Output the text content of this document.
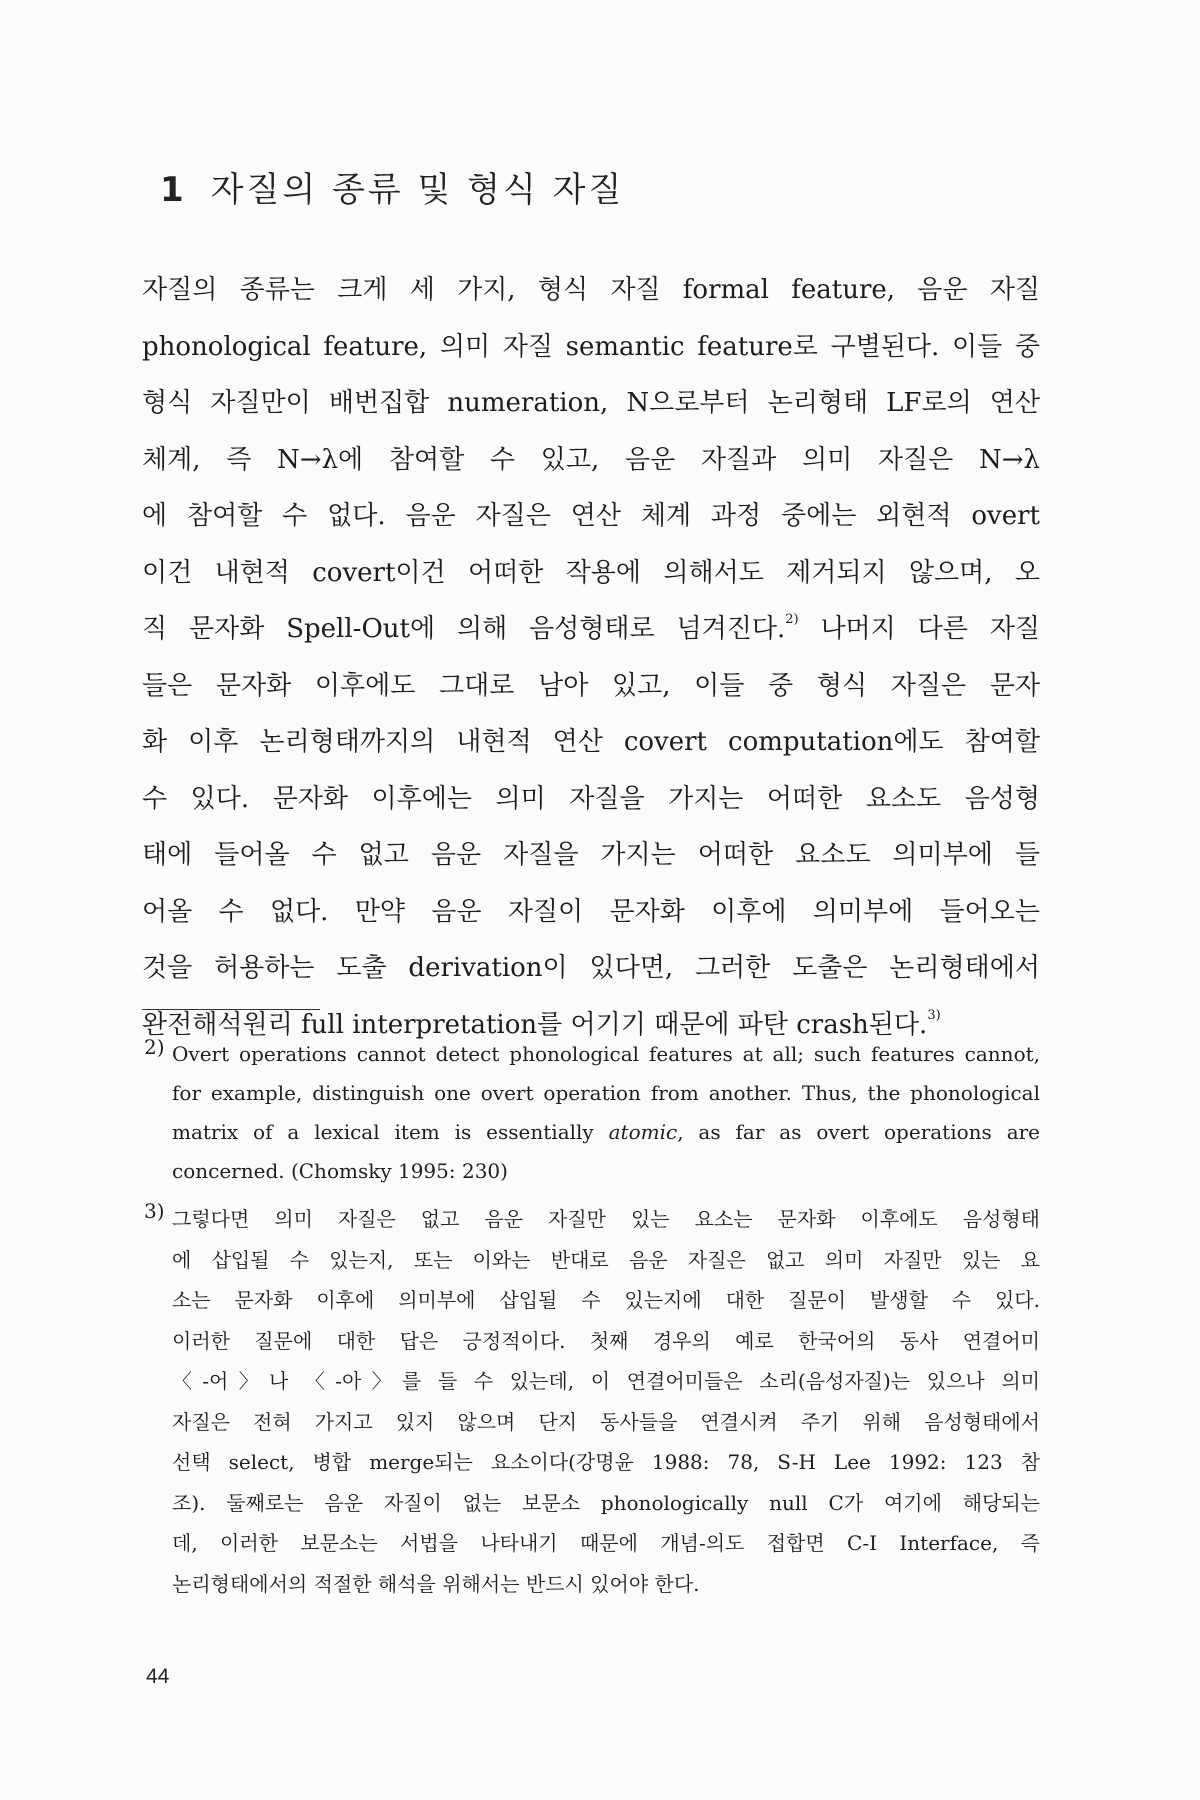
1 자질의 종류 및 형식 자질
자질의 종류는 크게 세 가지, 형식 자질 formal feature, 음운 자질
phonological feature, 의미 자질 semantic feature로 구별된다. 이들 중
형식 자질만이 배번집합 numeration, N으로부터 논리형태 LF로의 연산
체계, 즉 N→λ에 참여할 수 있고, 음운 자질과 의미 자질은 N→λ
에 참여할 수 없다. 음운 자질은 연산 체계 과정 중에는 외현적 overt
이건 내현적 covert이건 어떠한 작용에 의해서도 제거되지 않으며, 오
직 문자화 Spell-Out에 의해 음성형태로 넘겨진다.$^{2)}$ 나머지 다른 자질
들은 문자화 이후에도 그대로 남아 있고, 이들 중 형식 자질은 문자
화 이후 논리형태까지의 내현적 연산 covert computation에도 참여할
수 있다. 문자화 이후에는 의미 자질을 가지는 어떠한 요소도 음성형
태에 들어올 수 없고 음운 자질을 가지는 어떠한 요소도 의미부에 들
어올 수 없다. 만약 음운 자질이 문자화 이후에 의미부에 들어오는
것을 허용하는 도출 derivation이 있다면, 그러한 도출은 논리형태에서
완전해석원리 full interpretation를 어기기 때문에 파탄 crash된다.$^{3)}$
2) Overt operations cannot detect phonological features at all; such features cannot,
for example, distinguish one overt operation from another. Thus, the phonological
matrix of a lexical item is essentially atomic, as far as overt operations are
concerned. (Chomsky 1995: 230)
3) 그렇다면 의미 자질은 없고 음운 자질만 있는 요소는 문자화 이후에도 음성형태
에 삽입될 수 있는지, 또는 이와는 반대로 음운 자질은 없고 의미 자질만 있는 요
소는 문자화 이후에 의미부에 삽입될 수 있는지에 대한 질문이 발생할 수 있다.
이러한 질문에 대한 답은 긍정적이다. 첫째 경우의 예로 한국어의 동사 연결어미
〈-어〉나 〈-아〉를 들 수 있는데, 이 연결어미들은 소리(음성자질)는 있으나 의미
자질은 전혀 가지고 있지 않으며 단지 동사들을 연결시켜 주기 위해 음성형태에서
선택 select, 병합 merge되는 요소이다(강명윤 1988: 78, S-H Lee 1992: 123 참
조). 둘째로는 음운 자질이 없는 보문소 phonologically null C가 여기에 해당되는
데, 이러한 보문소는 서법을 나타내기 때문에 개념-의도 접합면 C-I Interface, 즉
논리형태에서의 적절한 해석을 위해서는 반드시 있어야 한다.
44
